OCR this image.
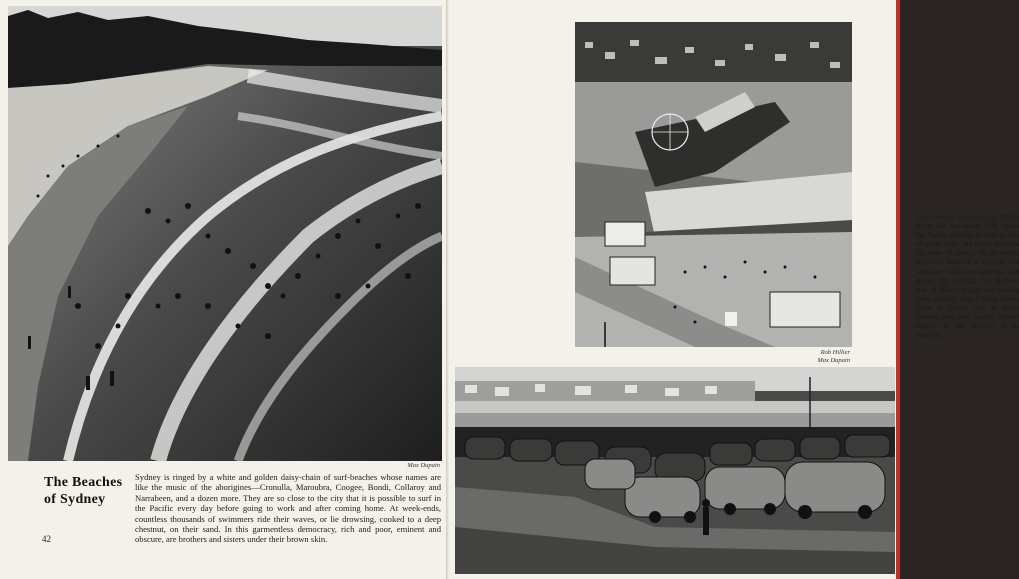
Max Dupain
The Beaches
of Sydney
Sydney is ringed by a white and golden daisy-chain of surf-beaches whose names are like the music of the aborigines—Cronulla, Maroubra, Coogee, Bondi, Collaroy and Narrabeen, and a dozen more. They are so close to the city that it is possible to surf in the Pacific every day before going to work and after coming home. At week-ends, countless thousands of swimmers ride their waves, or lie drowsing, cooked to a deep chestnut, on their sand. In this garmentless democracy, rich and poor, eminent and obscure, are brothers and sisters under their brown skin.
42
The famous pinetrees of Manly fringe the surf-beach (left) where the Pacific smashes its million tons of green water and flying foam on the heads of surfers. On the beach, lifesavers maintain a splendid and voluntary vigil over undertow and sharks. By contrast, the Harbour side of Manly (right) has nothing more galvanic than a Ferris wheel. Lines of parked cars at Bondi (below) show how eagerly Sydney swarms to the beaches at its doorstep.
Rob Hillier
Max Dupain
